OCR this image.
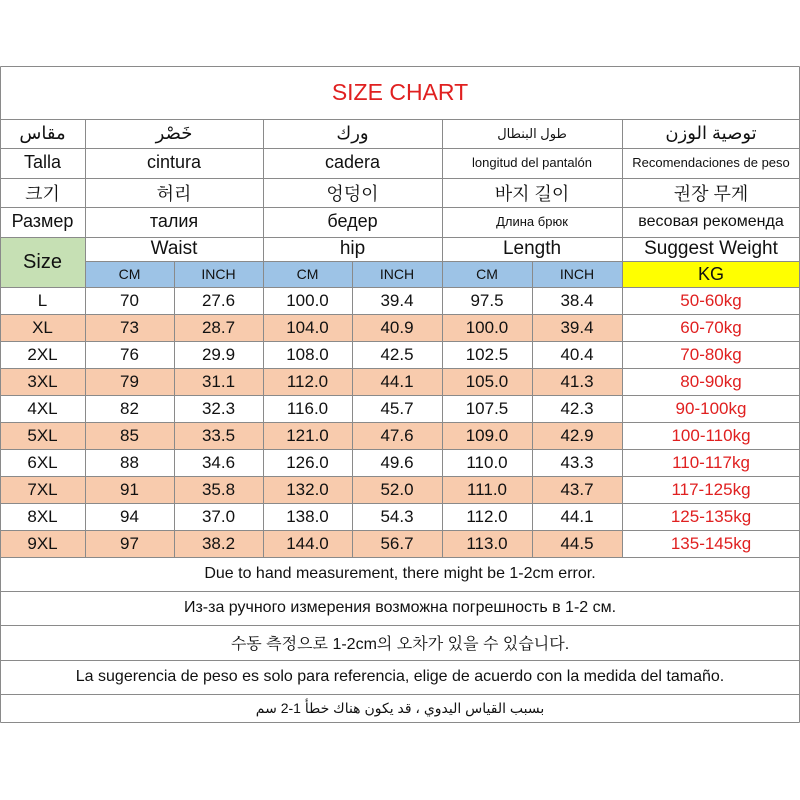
SIZE CHART
مقاس	خَصْر	ورك	طول البنطال	توصية الوزن
Talla	cintura	cadera	longitud del pantalón	Recomendaciones de peso
크기	허리	엉덩이	바지 길이	권장 무게
Размер	талия	бедер	Длина брюк	весовая рекомендa
Waist	hip	Length	Suggest Weight
Size
CM	INCH	CM	INCH	CM	INCH	KG
L	70	27.6	100.0	39.4	97.5	38.4	50-60kg
XL	73	28.7	104.0	40.9	100.0	39.4	60-70kg
2XL	76	29.9	108.0	42.5	102.5	40.4	70-80kg
3XL	79	31.1	112.0	44.1	105.0	41.3	80-90kg
4XL	82	32.3	116.0	45.7	107.5	42.3	90-100kg
5XL	85	33.5	121.0	47.6	109.0	42.9	100-110kg
6XL	88	34.6	126.0	49.6	110.0	43.3	110-117kg
7XL	91	35.8	132.0	52.0	111.0	43.7	117-125kg
8XL	94	37.0	138.0	54.3	112.0	44.1	125-135kg
9XL	97	38.2	144.0	56.7	113.0	44.5	135-145kg
Due to hand measurement, there might be 1-2cm error.
Из-за ручного измерения возможна погрешность в 1-2 см.
수동 측정으로 1-2cm의 오차가 있을 수 있습니다.
La sugerencia de peso es solo para referencia, elige de acuerdo con la medida del tamaño.
بسبب القياس اليدوي ، قد يكون هناك خطأ 1-2 سم
